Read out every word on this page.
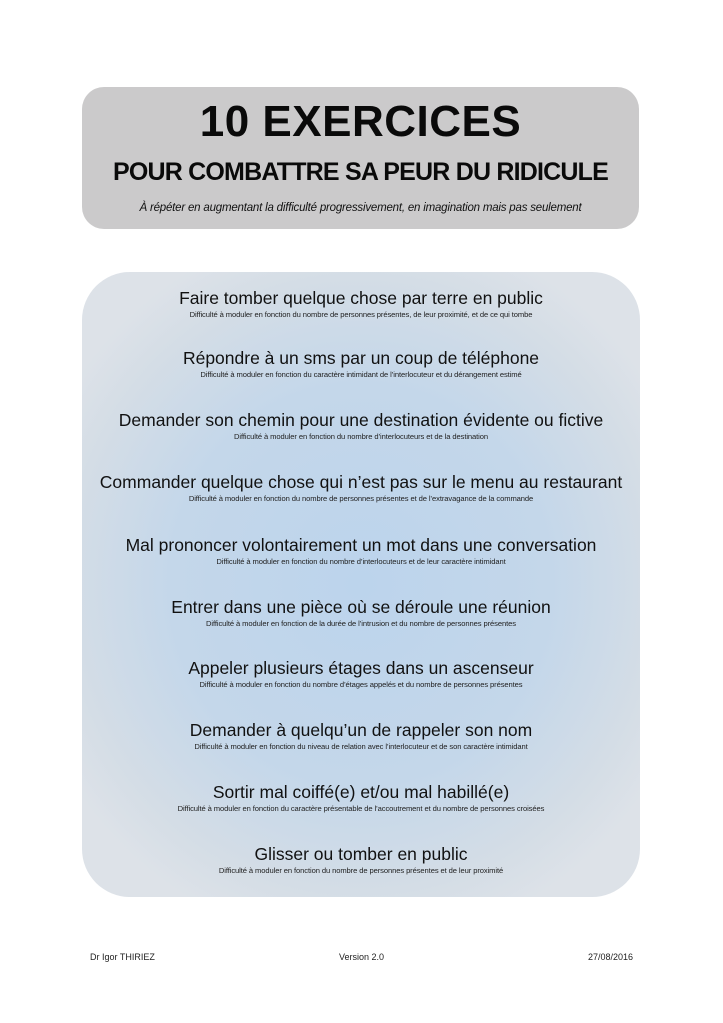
10 EXERCICES
POUR COMBATTRE SA PEUR DU RIDICULE
À répéter en augmentant la difficulté progressivement, en imagination mais pas seulement
Faire tomber quelque chose par terre en public
Difficulté à moduler en fonction du nombre de personnes présentes, de leur proximité, et de ce qui tombe
Répondre à un sms par un coup de téléphone
Difficulté à moduler en fonction du caractère intimidant de l’interlocuteur et du dérangement estimé
Demander son chemin pour une destination évidente ou fictive
Difficulté à moduler en fonction du nombre d’interlocuteurs et de la destination
Commander quelque chose qui n’est pas sur le menu au restaurant
Difficulté à moduler en fonction du nombre de personnes présentes et de l’extravagance de la commande
Mal prononcer volontairement un mot dans une conversation
Difficulté à moduler en fonction du nombre d’interlocuteurs et de leur caractère intimidant
Entrer dans une pièce où se déroule une réunion
Difficulté à moduler en fonction de la durée de l’intrusion et du nombre de personnes présentes
Appeler plusieurs étages dans un ascenseur
Difficulté à moduler en fonction du nombre d’étages appelés et du nombre de personnes présentes
Demander à quelqu’un de rappeler son nom
Difficulté à moduler en fonction du niveau de relation avec l’interlocuteur et de son caractère intimidant
Sortir mal coiffé(e) et/ou mal habillé(e)
Difficulté à moduler en fonction du caractère présentable de l’accoutrement et du nombre de personnes croisées
Glisser ou tomber en public
Difficulté à moduler en fonction du nombre de personnes présentes et de leur proximité
Dr Igor THIRIEZ	Version 2.0	27/08/2016
